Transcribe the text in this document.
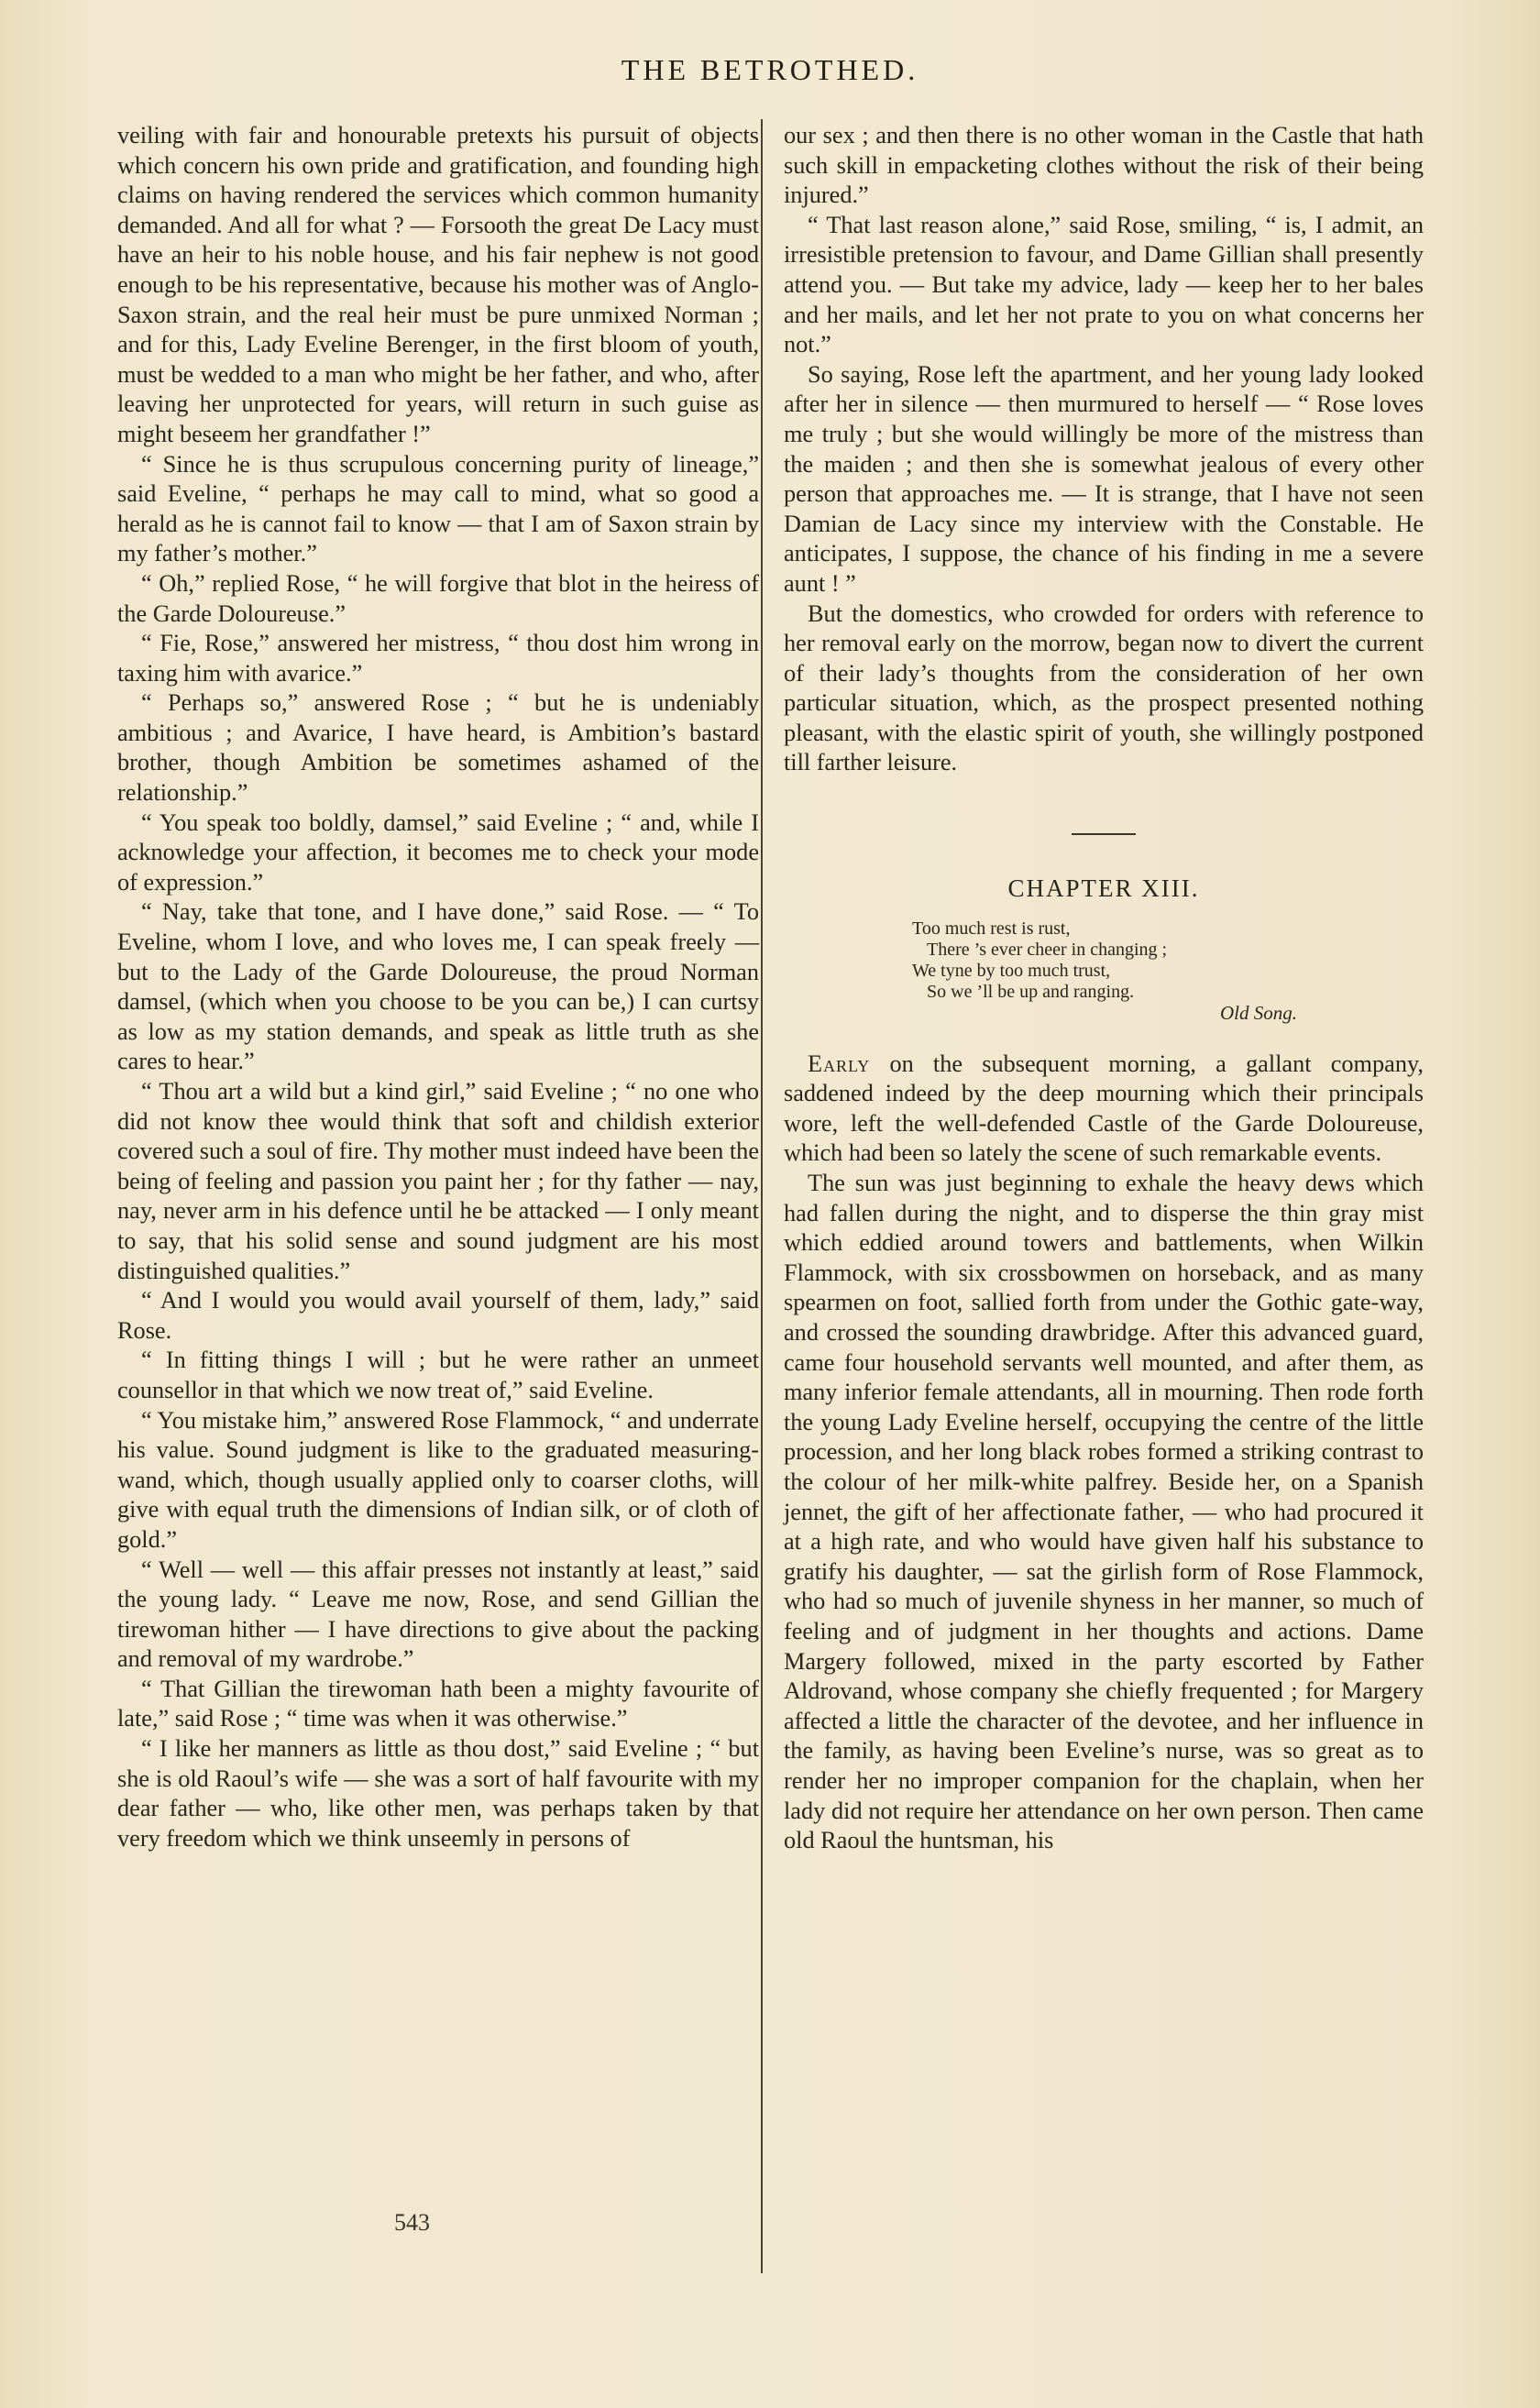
THE BETROTHED.

veiling with fair and honourable pretexts his pursuit of objects which concern his own pride and gratification, and founding high claims on having rendered the services which common humanity demanded. And all for what ? — Forsooth the great De Lacy must have an heir to his noble house, and his fair nephew is not good enough to be his representative, because his mother was of Anglo-Saxon strain, and the real heir must be pure unmixed Norman ; and for this, Lady Eveline Berenger, in the first bloom of youth, must be wedded to a man who might be her father, and who, after leaving her unprotected for years, will return in such guise as might beseem her grandfather !”

“ Since he is thus scrupulous concerning purity of lineage,” said Eveline, “ perhaps he may call to mind, what so good a herald as he is cannot fail to know — that I am of Saxon strain by my father’s mother.”

“ Oh,” replied Rose, “ he will forgive that blot in the heiress of the Garde Doloureuse.”

“ Fie, Rose,” answered her mistress, “ thou dost him wrong in taxing him with avarice.”

“ Perhaps so,” answered Rose ; “ but he is undeniably ambitious ; and Avarice, I have heard, is Ambition’s bastard brother, though Ambition be sometimes ashamed of the relationship.”

“ You speak too boldly, damsel,” said Eveline ; “ and, while I acknowledge your affection, it becomes me to check your mode of expression.”

“ Nay, take that tone, and I have done,” said Rose. — “ To Eveline, whom I love, and who loves me, I can speak freely — but to the Lady of the Garde Doloureuse, the proud Norman damsel, (which when you choose to be you can be,) I can curtsy as low as my station demands, and speak as little truth as she cares to hear.”

“ Thou art a wild but a kind girl,” said Eveline ; “ no one who did not know thee would think that soft and childish exterior covered such a soul of fire. Thy mother must indeed have been the being of feeling and passion you paint her ; for thy father — nay, nay, never arm in his defence until he be attacked — I only meant to say, that his solid sense and sound judgment are his most distinguished qualities.”

“ And I would you would avail yourself of them, lady,” said Rose.

“ In fitting things I will ; but he were rather an unmeet counsellor in that which we now treat of,” said Eveline.

“ You mistake him,” answered Rose Flammock, “ and underrate his value. Sound judgment is like to the graduated measuring-wand, which, though usually applied only to coarser cloths, will give with equal truth the dimensions of Indian silk, or of cloth of gold.”

“ Well — well — this affair presses not instantly at least,” said the young lady. “ Leave me now, Rose, and send Gillian the tirewoman hither — I have directions to give about the packing and removal of my wardrobe.”

“ That Gillian the tirewoman hath been a mighty favourite of late,” said Rose ; “ time was when it was otherwise.”

“ I like her manners as little as thou dost,” said Eveline ; “ but she is old Raoul’s wife — she was a sort of half favourite with my dear father — who, like other men, was perhaps taken by that very freedom which we think unseemly in persons of

our sex ; and then there is no other woman in the Castle that hath such skill in empacketing clothes without the risk of their being injured.”

“ That last reason alone,” said Rose, smiling, “ is, I admit, an irresistible pretension to favour, and Dame Gillian shall presently attend you. — But take my advice, lady — keep her to her bales and her mails, and let her not prate to you on what concerns her not.”

So saying, Rose left the apartment, and her young lady looked after her in silence — then murmured to herself — “ Rose loves me truly ; but she would willingly be more of the mistress than the maiden ; and then she is somewhat jealous of every other person that approaches me. — It is strange, that I have not seen Damian de Lacy since my interview with the Constable. He anticipates, I suppose, the chance of his finding in me a severe aunt ! ”

But the domestics, who crowded for orders with reference to her removal early on the morrow, began now to divert the current of their lady’s thoughts from the consideration of her own particular situation, which, as the prospect presented nothing pleasant, with the elastic spirit of youth, she willingly postponed till farther leisure.

CHAPTER XIII.
Too much rest is rust,
There ’s ever cheer in changing ;
We tyne by too much trust,
So we ’ll be up and ranging.
Old Song.

Early on the subsequent morning, a gallant company, saddened indeed by the deep mourning which their principals wore, left the well-defended Castle of the Garde Doloureuse, which had been so lately the scene of such remarkable events.

The sun was just beginning to exhale the heavy dews which had fallen during the night, and to disperse the thin gray mist which eddied around towers and battlements, when Wilkin Flammock, with six crossbowmen on horseback, and as many spearmen on foot, sallied forth from under the Gothic gate-way, and crossed the sounding drawbridge. After this advanced guard, came four household servants well mounted, and after them, as many inferior female attendants, all in mourning. Then rode forth the young Lady Eveline herself, occupying the centre of the little procession, and her long black robes formed a striking contrast to the colour of her milk-white palfrey. Beside her, on a Spanish jennet, the gift of her affectionate father, — who had procured it at a high rate, and who would have given half his substance to gratify his daughter, — sat the girlish form of Rose Flammock, who had so much of juvenile shyness in her manner, so much of feeling and of judgment in her thoughts and actions. Dame Margery followed, mixed in the party escorted by Father Aldrovand, whose company she chiefly frequented ; for Margery affected a little the character of the devotee, and her influence in the family, as having been Eveline’s nurse, was so great as to render her no improper companion for the chaplain, when her lady did not require her attendance on her own person. Then came old Raoul the huntsman, his

543
